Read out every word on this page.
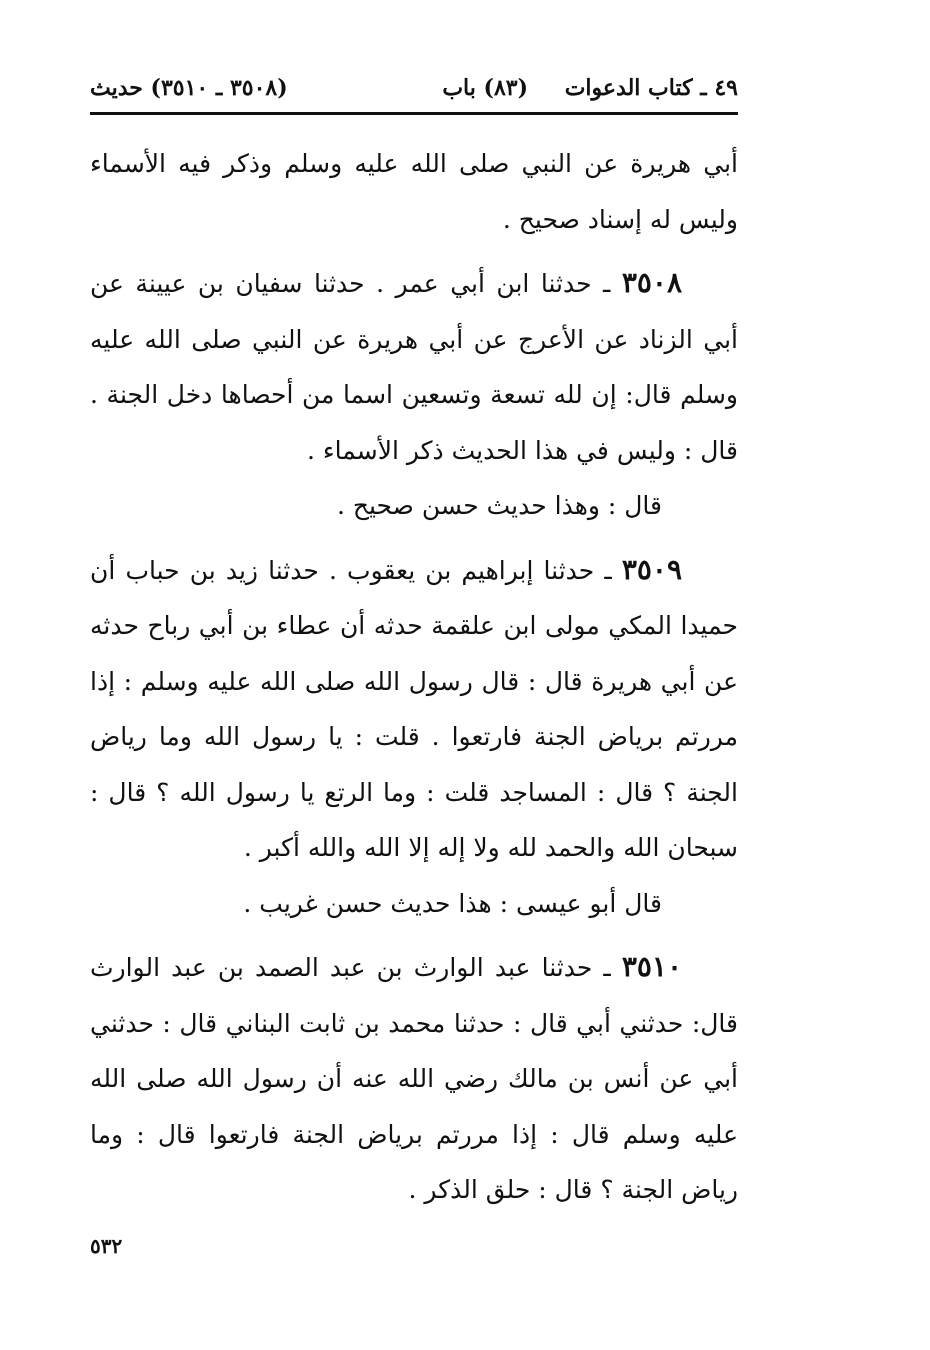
٤٩ ـ كتاب الدعوات
(٨٣) باب
(٣٥٠٨ ـ ٣٥١٠) حديث

أبي هريرة عن النبي صلى الله عليه وسلم وذكر فيه الأسماء وليس له إسناد صحيح .

٣٥٠٨ ـ حدثنا ابن أبي عمر . حدثنا سفيان بن عيينة عن أبي الزناد عن الأعرج عن أبي هريرة عن النبي صلى الله عليه وسلم قال: إن لله تسعة وتسعين اسما من أحصاها دخل الجنة . قال : وليس في هذا الحديث ذكر الأسماء .

قال : وهذا حديث حسن صحيح .

٣٥٠٩ ـ حدثنا إبراهيم بن يعقوب . حدثنا زيد بن حباب أن حميدا المكي مولى ابن علقمة حدثه أن عطاء بن أبي رباح حدثه عن أبي هريرة قال : قال رسول الله صلى الله عليه وسلم : إذا مررتم برياض الجنة فارتعوا . قلت : يا رسول الله وما رياض الجنة ؟ قال : المساجد قلت : وما الرتع يا رسول الله ؟ قال : سبحان الله والحمد لله ولا إله إلا الله والله أكبر .

قال أبو عيسى : هذا حديث حسن غريب .

٣٥١٠ ـ حدثنا عبد الوارث بن عبد الصمد بن عبد الوارث قال: حدثني أبي قال : حدثنا محمد بن ثابت البناني قال : حدثني أبي عن أنس بن مالك رضي الله عنه أن رسول الله صلى الله عليه وسلم قال : إذا مررتم برياض الجنة فارتعوا قال : وما رياض الجنة ؟ قال : حلق الذكر .

٥٣٢
